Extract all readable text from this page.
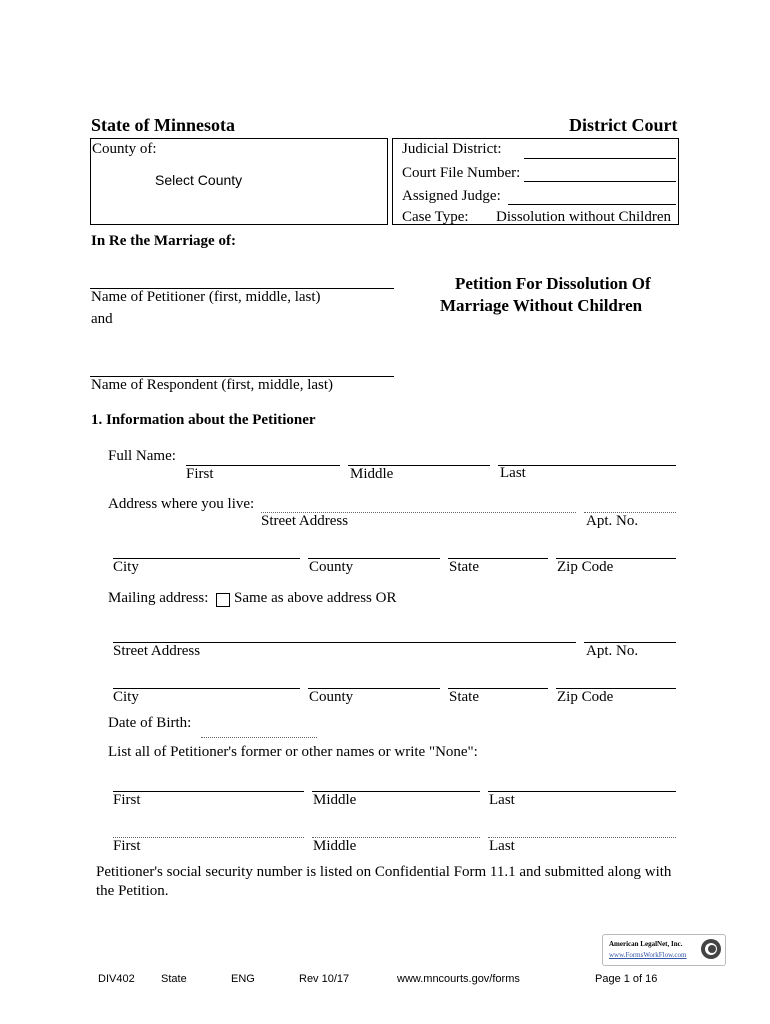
State of Minnesota	District Court
County of:
Select County
Judicial District:
Court File Number:
Assigned Judge:
Case Type: Dissolution without Children
In Re the Marriage of:
Name of Petitioner (first, middle, last)
and
Name of Respondent (first, middle, last)
Petition For Dissolution Of
Marriage Without Children
1. Information about the Petitioner
Full Name:
First	Middle	Last
Address where you live:
Street Address	Apt. No.
City	County	State	Zip Code
Mailing address: Same as above address OR
Street Address	Apt. No.
City	County	State	Zip Code
Date of Birth:
List all of Petitioner's former or other names or write "None":
First	Middle	Last
First	Middle	Last
Petitioner's social security number is listed on Confidential Form 11.1 and submitted along with
the Petition.
American LegalNet, Inc.
www.FormsWorkFlow.com
DIV402 State	ENG	Rev 10/17	www.mncourts.gov/forms	Page 1 of 16
